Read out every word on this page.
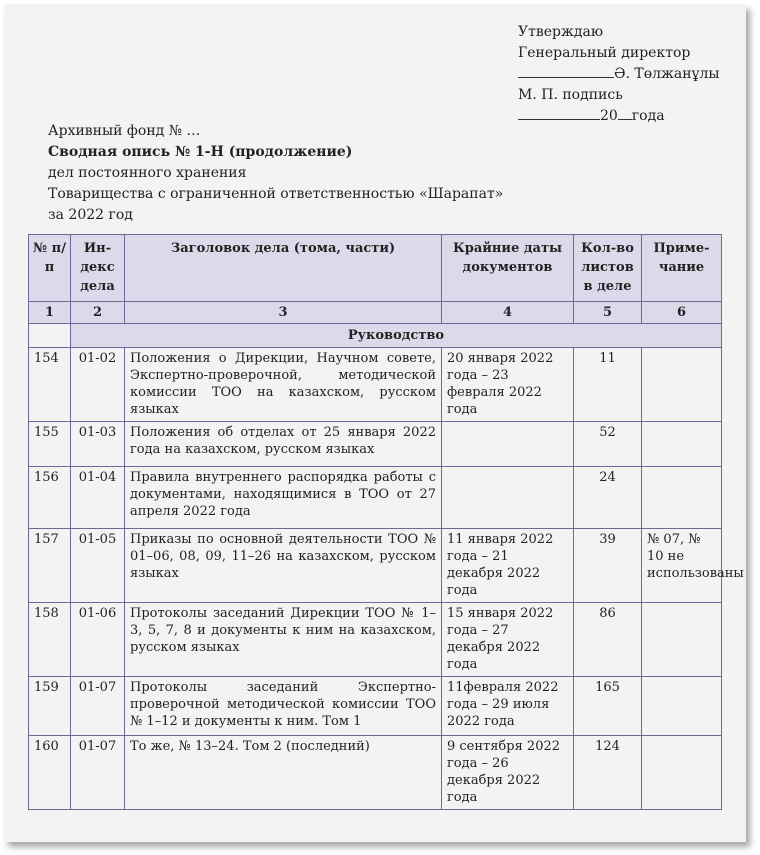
Утверждаю
Генеральный директор
Ә. Төлжанұлы
М. П. подпись
20 года
Архивный фонд № …
Сводная опись № 1-Н (продолжение)
дел постоянного хранения
Товарищества с ограниченной ответственностью «Шарапат»
за 2022 год
№ п/п	Ин-декс дела	Заголовок дела (тома, части)	Крайние даты документов	Кол-во листов в деле	Приме-чание
1	2	3	4	5	6
	Руководство				
154	01-02	Положения о Дирекции, Научном совете, Экспертно-проверочной, методической комиссии ТОО на казахском, русском языках	20 января 2022 года – 23 февраля 2022 года	11	
155	01-03	Положения об отделах от 25 января 2022 года на казахском, русском языках		52	
156	01-04	Правила внутреннего распорядка работы с документами, находящимися в ТОО от 27 апреля 2022 года		24	
157	01-05	Приказы по основной деятельности ТОО № 01–06, 08, 09, 11–26 на казахском, русском языках	11 января 2022 года – 21 декабря 2022 года	39	№ 07, № 10 не использованы
158	01-06	Протоколы заседаний Дирекции ТОО № 1–3, 5, 7, 8 и документы к ним на казахском, русском языках	15 января 2022 года – 27 декабря 2022 года	86	
159	01-07	Протоколы заседаний Экспертно-проверочной методической комиссии ТОО № 1–12 и документы к ним. Том 1	11февраля 2022 года – 29 июля 2022 года	165	
160	01-07	То же, № 13–24. Том 2 (последний)	9 сентября 2022 года – 26 декабря 2022 года	124	
